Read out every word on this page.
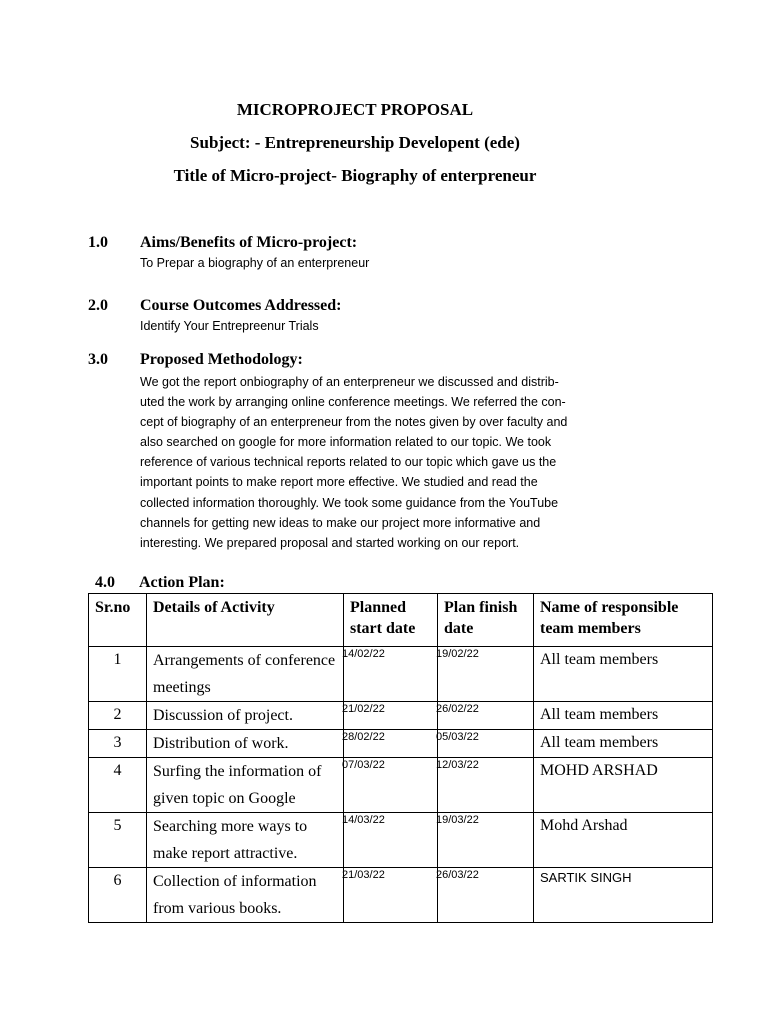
MICROPROJECT PROPOSAL
Subject: - Entrepreneurship Developent (ede)
Title of Micro-project- Biography of enterpreneur
1.0 Aims/Benefits of Micro-project:
To Prepar a biography of an enterpreneur
2.0 Course Outcomes Addressed:
Identify Your Entrepreenur Trials
3.0 Proposed Methodology:
We got the report onbiography of an enterpreneur we discussed and distrib-
uted the work by arranging online conference meetings. We referred the con-
cept of biography of an enterpreneur from the notes given by over faculty and
also searched on google for more information related to our topic. We took
reference of various technical reports related to our topic which gave us the
important points to make report more effective. We studied and read the
collected information thoroughly. We took some guidance from the YouTube
channels for getting new ideas to make our project more informative and
interesting. We prepared proposal and started working on our report.
4.0 Action Plan:
Sr.no	Details of Activity	Planned start date	Plan finish date	Name of responsible team members
1	Arrangements of conference meetings	14/02/22	19/02/22	All team members
2	Discussion of project.	21/02/22	26/02/22	All team members
3	Distribution of work.	28/02/22	05/03/22	All team members
4	Surfing the information of given topic on Google	07/03/22	12/03/22	MOHD ARSHAD
5	Searching more ways to make report attractive.	14/03/22	19/03/22	Mohd Arshad
6	Collection of information from various books.	21/03/22	26/03/22	SARTIK SINGH
